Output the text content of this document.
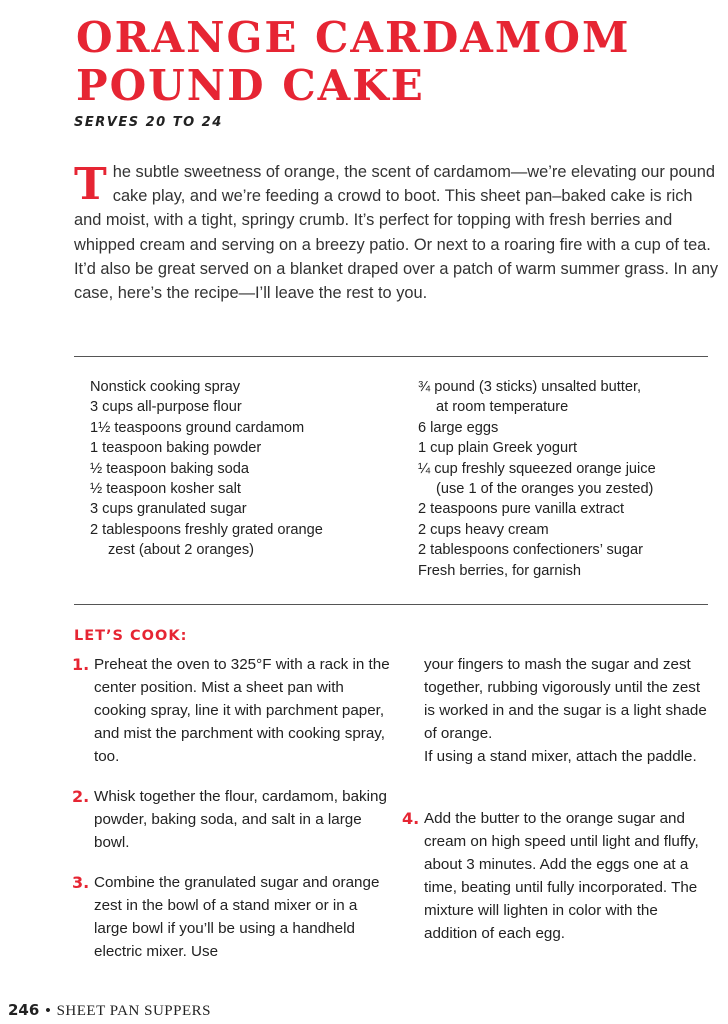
ORANGE CARDAMOM
POUND CAKE
SERVES 20 TO 24

T he subtle sweetness of orange, the scent of cardamom—we’re elevating our pound cake play, and we’re feeding a crowd to boot. This sheet pan–baked cake is rich and moist, with a tight, springy crumb. It’s perfect for topping with fresh berries and whipped cream and serving on a breezy patio. Or next to a roaring fire with a cup of tea. It’d also be great served on a blanket draped over a patch of warm summer grass. In any case, here’s the recipe—I’ll leave the rest to you.

Nonstick cooking spray
3 cups all-purpose flour
1½ teaspoons ground cardamom
1 teaspoon baking powder
½ teaspoon baking soda
½ teaspoon kosher salt
3 cups granulated sugar
2 tablespoons freshly grated orange
zest (about 2 oranges)
¾ pound (3 sticks) unsalted butter,
at room temperature
6 large eggs
1 cup plain Greek yogurt
¼ cup freshly squeezed orange juice
(use 1 of the oranges you zested)
2 teaspoons pure vanilla extract
2 cups heavy cream
2 tablespoons confectioners’ sugar
Fresh berries, for garnish
LET’S COOK:
1. Preheat the oven to 325°F with a rack in the center position. Mist a sheet pan with cooking spray, line it with parchment paper, and mist the parchment with cooking spray, too.
2. Whisk together the flour, cardamom, baking powder, baking soda, and salt in a large bowl.
3. Combine the granulated sugar and orange zest in the bowl of a stand mixer or in a large bowl if you’ll be using a handheld electric mixer. Use
your fingers to mash the sugar and zest together, rubbing vigorously until the zest is worked in and the sugar is a light shade of orange.
If using a stand mixer, attach the paddle.
4. Add the butter to the orange sugar and cream on high speed until light and fluffy, about 3 minutes. Add the eggs one at a time, beating until fully incorporated. The mixture will lighten in color with the addition of each egg.
246 • SHEET PAN SUPPERS
